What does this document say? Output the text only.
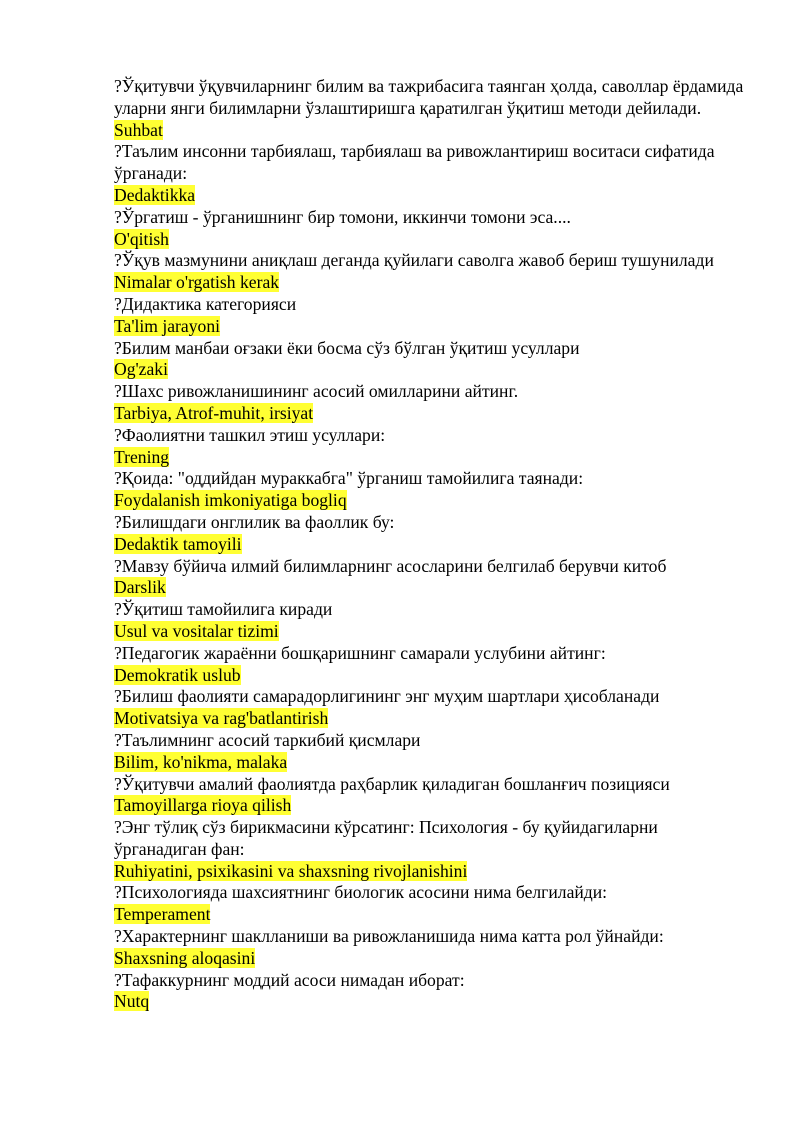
?Ўқитувчи ўқувчиларнинг билим ва тажрибасига таянган ҳолда, саволлар ёрдамида уларни янги билимларни ўзлаштиришга қаратилган ўқитиш методи дейилади.
Suhbat
?Таълим инсонни тарбиялаш, тарбиялаш ва ривожлантириш воситаси сифатида ўрганади:
Dedaktikka
?Ўргатиш - ўрганишнинг бир томони, иккинчи томони эса....
O'qitish
?Ўқув мазмунини аниқлаш деганда қуйилаги саволга жавоб бериш тушунилади
Nimalar o'rgatish kerak
?Дидактика категорияси
Ta'lim jarayoni
?Билим манбаи оғзаки ёки босма сўз бўлган ўқитиш усуллари
Og'zaki
?Шахс ривожланишининг асосий омилларини айтинг.
Tarbiya, Atrof-muhit, irsiyat
?Фаолиятни ташкил этиш усуллари:
Trening
?Қоида: "оддийдан мураккабга" ўрганиш тамойилига таянади:
Foydalanish imkoniyatiga bogliq
?Билишдаги онглилик ва фаоллик бу:
Dedaktik tamoyili
?Мавзу бўйича илмий билимларнинг асосларини белгилаб берувчи китоб
Darslik
?Ўқитиш тамойилига киради
Usul va vositalar tizimi
?Педагогик жараённи бошқаришнинг самарали услубини айтинг:
Demokratik uslub
?Билиш фаолияти самарадорлигининг энг муҳим шартлари ҳисобланади
Motivatsiya va rag'batlantirish
?Таълимнинг асосий таркибий қисмлари
Bilim, ko'nikma, malaka
?Ўқитувчи амалий фаолиятда раҳбарлик қиладиган бошланғич позицияси
Tamoyillarga rioya qilish
?Энг тўлиқ сўз бирикмасини кўрсатинг: Психология - бу қуйидагиларни ўрганадиган фан:
Ruhiyatini, psixikasini va shaxsning rivojlanishini
?Психологияда шахсиятнинг биологик асосини нима белгилайди:
Temperament
?Характернинг шаклланиши ва ривожланишида нима катта рол ўйнайди:
Shaxsning aloqasini
?Тафаккурнинг моддий асоси нимадан иборат:
Nutq
